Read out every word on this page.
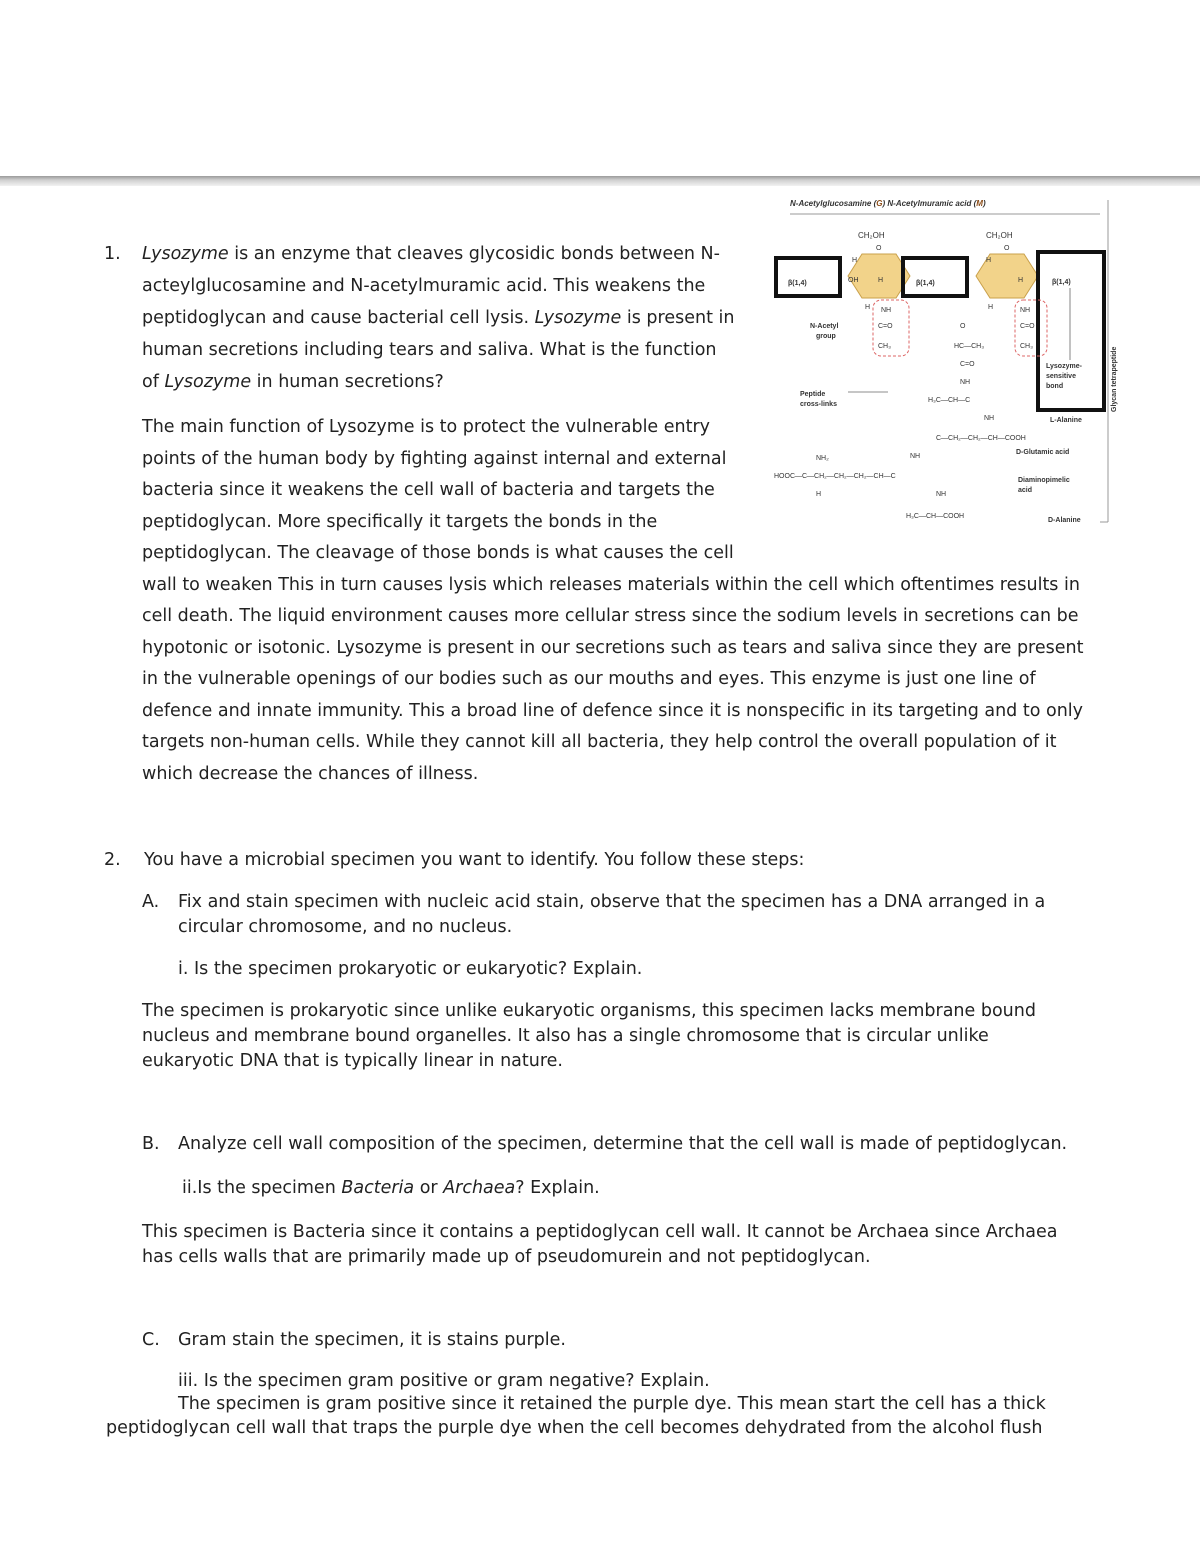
1. Lysozyme is an enzyme that cleaves glycosidic bonds between N-
acteylglucosamine and N-acetylmuramic acid. This weakens the
peptidoglycan and cause bacterial cell lysis. Lysozyme is present in
human secretions including tears and saliva. What is the function
of Lysozyme in human secretions?
The main function of Lysozyme is to protect the vulnerable entry
points of the human body by fighting against internal and external
bacteria since it weakens the cell wall of bacteria and targets the
peptidoglycan. More specifically it targets the bonds in the
peptidoglycan. The cleavage of those bonds is what causes the cell
wall to weaken This in turn causes lysis which releases materials within the cell which oftentimes results in
cell death. The liquid environment causes more cellular stress since the sodium levels in secretions can be
hypotonic or isotonic. Lysozyme is present in our secretions such as tears and saliva since they are present
in the vulnerable openings of our bodies such as our mouths and eyes. This enzyme is just one line of
defence and innate immunity. This a broad line of defence since it is nonspecific in its targeting and to only
targets non-human cells. While they cannot kill all bacteria, they help control the overall population of it
which decrease the chances of illness.
N-Acetylglucosamine (G) N-Acetylmuramic acid (M)
CH₂OH	CH₂OH
O	O
H	H
OH	H	H
H	H
β(1,4)	β(1,4)	β(1,4)
Lysozyme-
sensitive
bond
NH
C=O
CH₃
N-Acetyl
group
NH
C=O
CH₃
O
HC—CH₃
C=O
NH
H₃C—CH—C
Peptide
cross-links
NH	L-Alanine
C—CH₂—CH₂—CH—COOH
D-Glutamic acid
NH
NH₂
HOOC—C—CH₂—CH₂—CH₂—CH—C
Diaminopimelic
acid
H	NH
H₃C—CH—COOH
D-Alanine
Glycan tetrapeptide
2. You have a microbial specimen you want to identify. You follow these steps:
A. Fix and stain specimen with nucleic acid stain, observe that the specimen has a DNA arranged in a
circular chromosome, and no nucleus.
i. Is the specimen prokaryotic or eukaryotic? Explain.
The specimen is prokaryotic since unlike eukaryotic organisms, this specimen lacks membrane bound
nucleus and membrane bound organelles. It also has a single chromosome that is circular unlike
eukaryotic DNA that is typically linear in nature.
B. Analyze cell wall composition of the specimen, determine that the cell wall is made of peptidoglycan.
ii.Is the specimen Bacteria or Archaea? Explain.
This specimen is Bacteria since it contains a peptidoglycan cell wall. It cannot be Archaea since Archaea
has cells walls that are primarily made up of pseudomurein and not peptidoglycan.
C. Gram stain the specimen, it is stains purple.
iii. Is the specimen gram positive or gram negative? Explain.
The specimen is gram positive since it retained the purple dye. This mean start the cell has a thick
peptidoglycan cell wall that traps the purple dye when the cell becomes dehydrated from the alcohol flush
